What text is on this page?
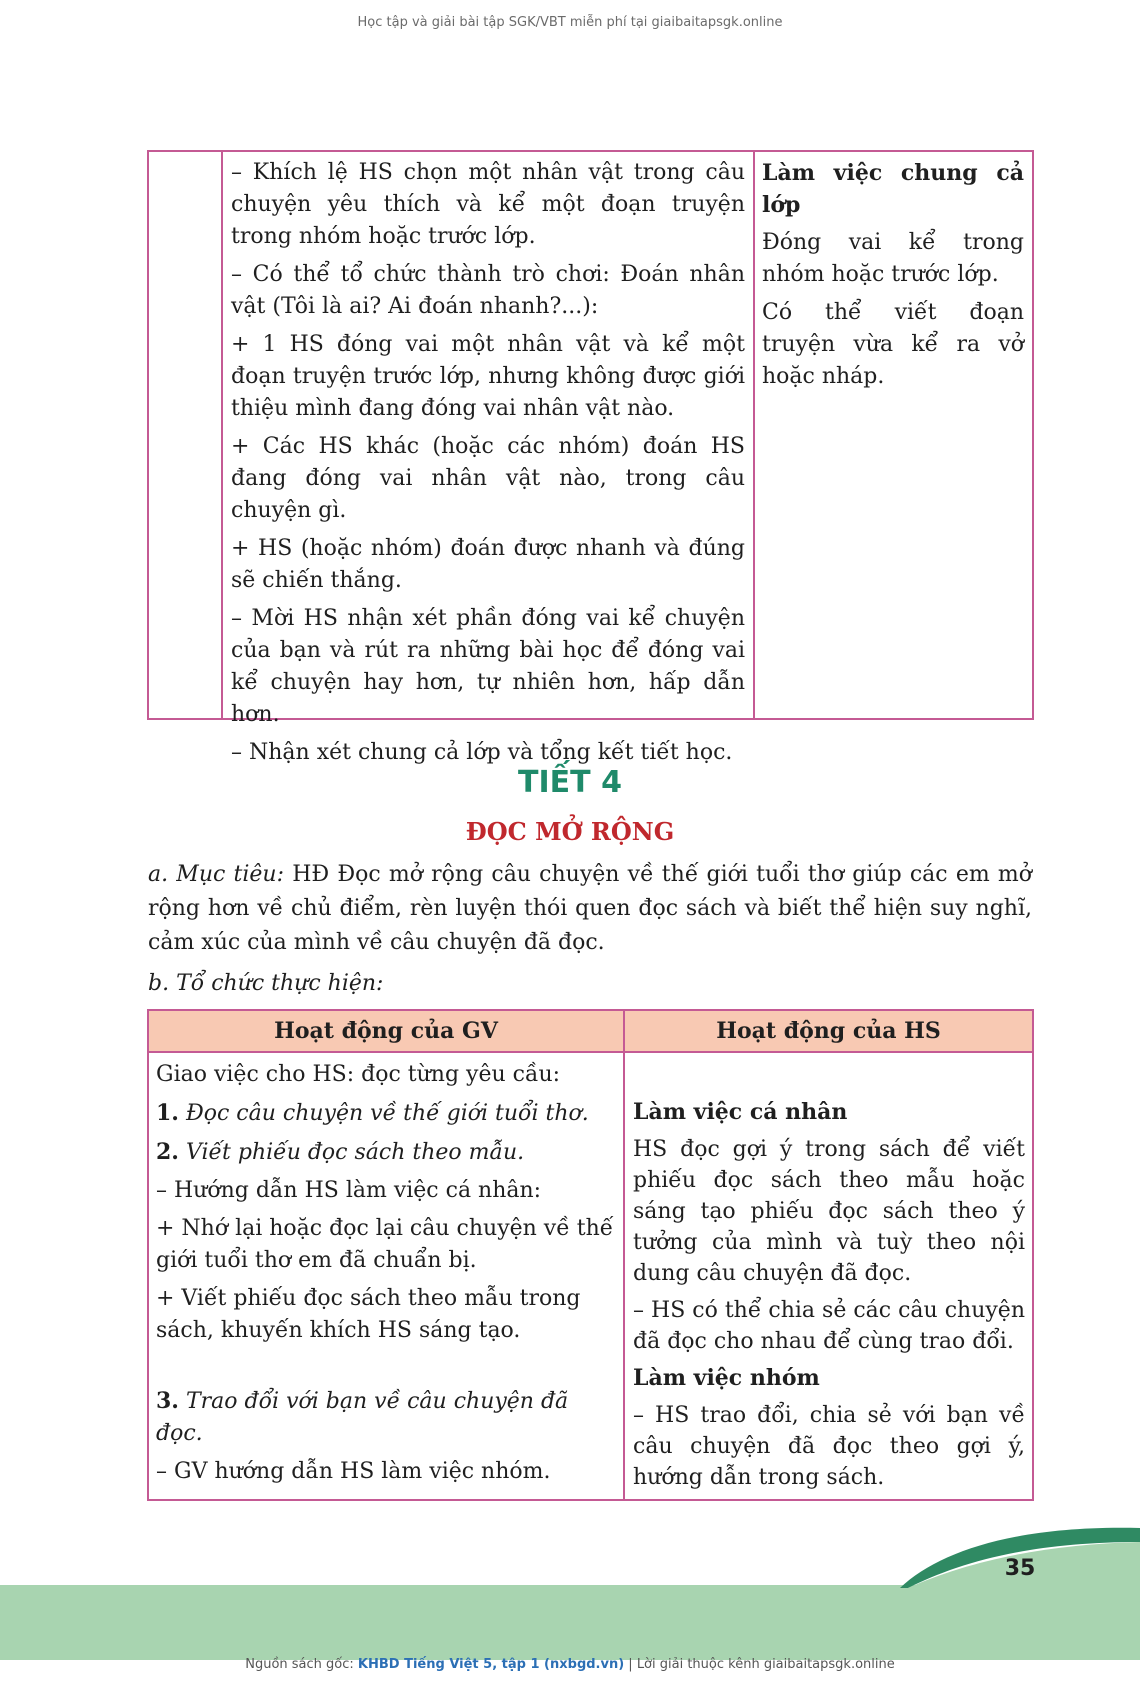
Học tập và giải bài tập SGK/VBT miễn phí tại giaibaitapsgk.online

– Khích lệ HS chọn một nhân vật trong câu chuyện yêu thích và kể một đoạn truyện trong nhóm hoặc trước lớp.

– Có thể tổ chức thành trò chơi: Đoán nhân vật (Tôi là ai? Ai đoán nhanh?...):

+ 1 HS đóng vai một nhân vật và kể một đoạn truyện trước lớp, nhưng không được giới thiệu mình đang đóng vai nhân vật nào.

+ Các HS khác (hoặc các nhóm) đoán HS đang đóng vai nhân vật nào, trong câu chuyện gì.

+ HS (hoặc nhóm) đoán được nhanh và đúng sẽ chiến thắng.

– Mời HS nhận xét phần đóng vai kể chuyện của bạn và rút ra những bài học để đóng vai kể chuyện hay hơn, tự nhiên hơn, hấp dẫn hơn.

– Nhận xét chung cả lớp và tổng kết tiết học.

Làm việc chung cả lớp

Đóng vai kể trong nhóm hoặc trước lớp.

Có thể viết đoạn truyện vừa kể ra vở hoặc nháp.

TIẾT 4
ĐỌC MỞ RỘNG
a. Mục tiêu: HĐ Đọc mở rộng câu chuyện về thế giới tuổi thơ giúp các em mở rộng hơn về chủ điểm, rèn luyện thói quen đọc sách và biết thể hiện suy nghĩ, cảm xúc của mình về câu chuyện đã đọc.
b. Tổ chức thực hiện:
Hoạt động của GV	Hoạt động của HS

Giao việc cho HS: đọc từng yêu cầu:

1. Đọc câu chuyện về thế giới tuổi thơ.

2. Viết phiếu đọc sách theo mẫu.

– Hướng dẫn HS làm việc cá nhân:

+ Nhớ lại hoặc đọc lại câu chuyện về thế giới tuổi thơ em đã chuẩn bị.

+ Viết phiếu đọc sách theo mẫu trong sách, khuyến khích HS sáng tạo.

3. Trao đổi với bạn về câu chuyện đã đọc.

– GV hướng dẫn HS làm việc nhóm.

Làm việc cá nhân

HS đọc gợi ý trong sách để viết phiếu đọc sách theo mẫu hoặc sáng tạo phiếu đọc sách theo ý tưởng của mình và tuỳ theo nội dung câu chuyện đã đọc.

– HS có thể chia sẻ các câu chuyện đã đọc cho nhau để cùng trao đổi.

Làm việc nhóm

– HS trao đổi, chia sẻ với bạn về câu chuyện đã đọc theo gợi ý, hướng dẫn trong sách.

35
Nguồn sách gốc: KHBD Tiếng Việt 5, tập 1 (nxbgd.vn) | Lời giải thuộc kênh giaibaitapsgk.online
